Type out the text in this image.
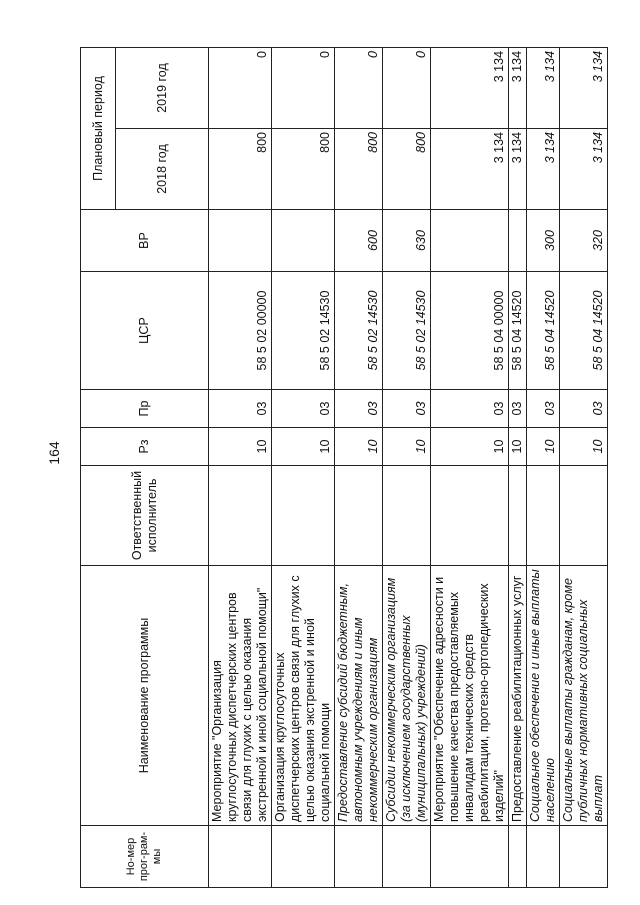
164
Но-мер прог-рам-мы	Наименование программы	Ответственный исполнитель	Рз	Пр	ЦСР	ВР	Плановый период	
							2018 год	2019 год
	Мероприятие "Организация круглосуточных диспетчерских центров связи для глухих с целью оказания экстренной и иной социальной помощи"		10	03	58 5 02 00000		800	0
	Организация круглосуточных диспетчерских центров связи для глухих с целью оказания экстренной и иной социальной помощи		10	03	58 5 02 14530		800	0
	Предоставление субсидий бюджетным, автономным учреждениям и иным некоммерческим организациям		10	03	58 5 02 14530	600	800	0
	Субсидии некоммерческим организациям (за исключением государственных (муниципальных) учреждений)		10	03	58 5 02 14530	630	800	0
	Мероприятие "Обеспечение адресности и повышение качества предоставляемых инвалидам технических средств реабилитации, протезно-ортопедических изделий"		10	03	58 5 04 00000		3 134	3 134
	Предоставление реабилитационных услуг		10	03	58 5 04 14520		3 134	3 134
	Социальное обеспечение и иные выплаты населению		10	03	58 5 04 14520	300	3 134	3 134
	Социальные выплаты гражданам, кроме публичных нормативных социальных выплат		10	03	58 5 04 14520	320	3 134	3 134
